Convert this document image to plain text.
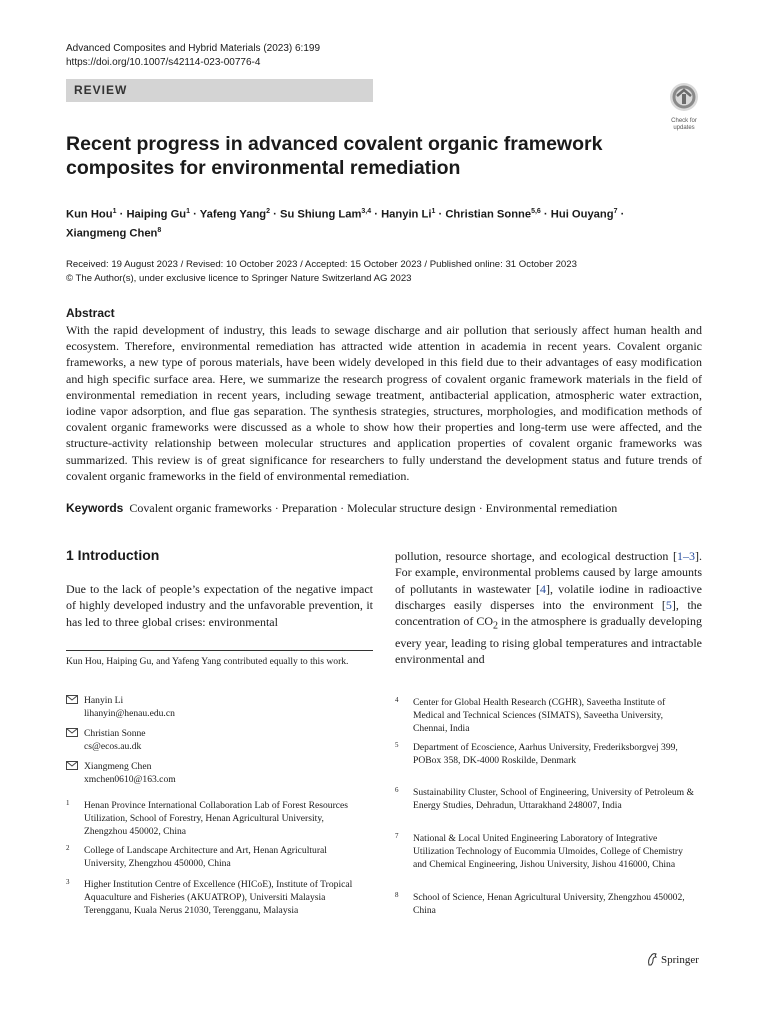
Advanced Composites and Hybrid Materials (2023) 6:199
https://doi.org/10.1007/s42114-023-00776-4
REVIEW
Check for
updates
Recent progress in advanced covalent organic framework composites for environmental remediation
Kun Hou$^1$ · Haiping $Gu^1$ · Yafeng Yang$^2$ · Su Shiung Lam$^{3,4}$ · Hanyin $Li^1$ · Christian Sonne$^{5,6}$ · Hui Ouyang$^7$ · Xiangmeng Chen$^8$
Received: 19 August 2023 / Revised: 10 October 2023 / Accepted: 15 October 2023 / Published online: 31 October 2023
© The Author(s), under exclusive licence to Springer Nature Switzerland AG 2023
Abstract
With the rapid development of industry, this leads to sewage discharge and air pollution that seriously affect human health and ecosystem. Therefore, environmental remediation has attracted wide attention in academia in recent years. Covalent organic frameworks, a new type of porous materials, have been widely developed in this field due to their advantages of easy modification and high specific surface area. Here, we summarize the research progress of covalent organic framework materials in the field of environmental remediation in recent years, including sewage treatment, antibacterial application, atmospheric water extraction, iodine vapor adsorption, and flue gas separation. The synthesis strategies, structures, morphologies, and modification methods of covalent organic frameworks were discussed as a whole to show how their properties and long-term use were affected, and the structure-activity relationship between molecular structures and application properties of covalent organic frameworks was summarized. This review is of great significance for researchers to fully understand the development status and future trends of covalent organic frameworks in the field of environmental remediation.
Keywords Covalent organic frameworks · Preparation · Molecular structure design · Environmental remediation
1 Introduction
Due to the lack of people’s expectation of the negative impact of highly developed industry and the unfavorable prevention, it has led to three global crises: environmental
pollution, resource shortage, and ecological destruction [1–3]. For example, environmental problems caused by large amounts of pollutants in wastewater [4], volatile iodine in radioactive discharges easily disperses into the environment [5], the concentration of $CO_2$ in the atmosphere is gradually developing every year, leading to rising global temperatures and intractable environmental and
Kun Hou, Haiping Gu, and Yafeng Yang contributed equally to this work.
Hanyin Li
lihanyin@henau.edu.cn
Christian Sonne
cs@ecos.au.dk
Xiangmeng Chen
xmchen0610@163.com
1 Henan Province International Collaboration Lab of Forest Resources Utilization, School of Forestry, Henan Agricultural University, Zhengzhou 450002, China
2 College of Landscape Architecture and Art, Henan Agricultural University, Zhengzhou 450000, China
3 Higher Institution Centre of Excellence (HICoE), Institute of Tropical Aquaculture and Fisheries (AKUATROP), Universiti Malaysia Terengganu, Kuala Nerus 21030, Terengganu, Malaysia
4 Center for Global Health Research (CGHR), Saveetha Institute of Medical and Technical Sciences (SIMATS), Saveetha University, Chennai, India
5 Department of Ecoscience, Aarhus University, Frederiksborgvej 399, POBox 358, DK-4000 Roskilde, Denmark
6 Sustainability Cluster, School of Engineering, University of Petroleum & Energy Studies, Dehradun, Uttarakhand 248007, India
7 National & Local United Engineering Laboratory of Integrative Utilization Technology of Eucommia Ulmoides, College of Chemistry and Chemical Engineering, Jishou University, Jishou 416000, China
8 School of Science, Henan Agricultural University, Zhengzhou 450002, China
Springer
